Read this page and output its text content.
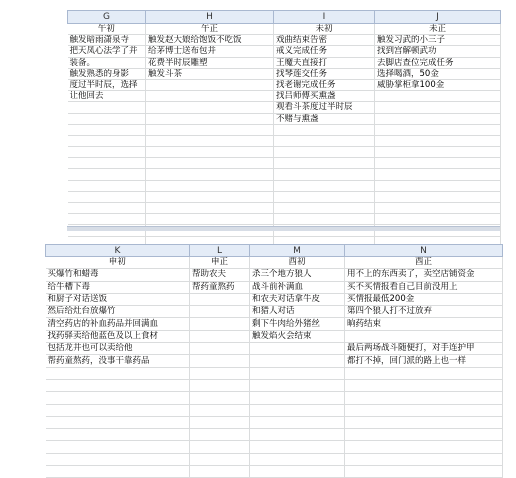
G	H	I	J
午初	午正	未初	未正
触发暗雨潇泉寺	触发赵大娘给饱饭不吃饭	戏曲结束告密	触发习武的小三子
把天凤心法学了并	给茅博士送布包并	戒义完成任务	找到宫解顿武功
装备。	花费半时辰雕塑	王魔夫直接打	去脚店查位完成任务
触发熟悉的身影	触发斗茶	找琴莲交任务	选择喝酒，50金
度过半时辰，选择		找老谢完成任务	威胁掌柜拿100金
让他回去		找吕师傅买熏盏	
		观看斗茶度过半时辰	
		不赌与熏盏	

K	L	M	N
申初	申正	酉初	酉正
买爆竹和蜡毒	帮助农夫	杀三个地方狼人	用不上的东西卖了，卖空店铺资金
给牛槽下毒	帮药童熬药	战斗前补满血	买不买情报看自己目前没用上
和厨子对话送饭		和农夫对话拿牛皮	买情报最低200金
然后给灶台放爆竹		和猎人对话	第四个狼人打不过放弃
清空药店的补血药品并回满血		剩下牛肉给外猪丝	晌药结束
找药驿卖给他蓝色及以上食材		触发焰火会结束	
包括龙井也可以卖给他			最后两场战斗随便打，对手连护甲
帮药童熬药，没事干靠药品			都打不掉，回门派的路上也一样
